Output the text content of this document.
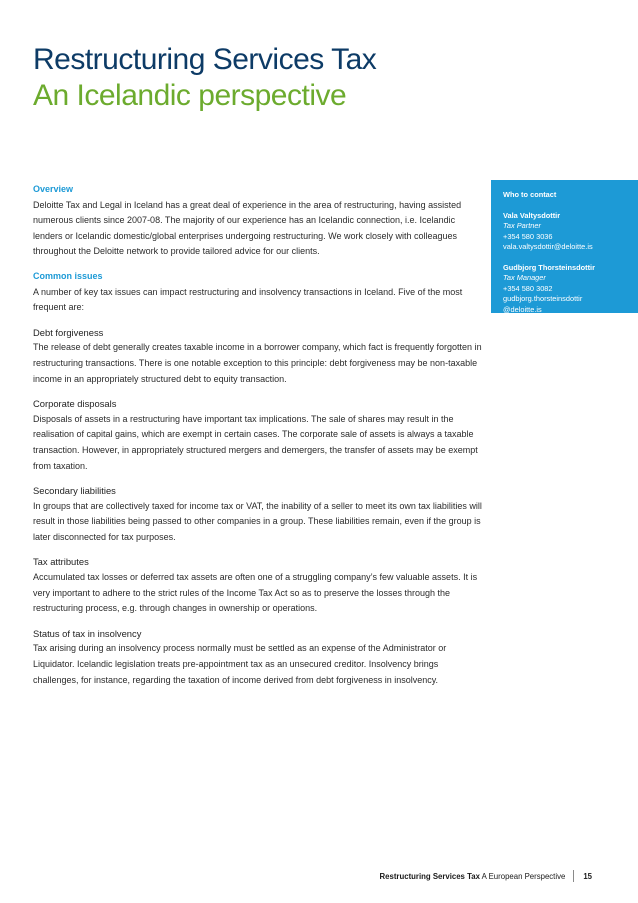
Restructuring Services Tax
An Icelandic perspective
Overview

Deloitte Tax and Legal in Iceland has a great deal of experience in the area of restructuring, having assisted numerous clients since 2007-08. The majority of our experience has an Icelandic connection, i.e. Icelandic lenders or Icelandic domestic/global enterprises undergoing restructuring. We work closely with colleagues throughout the Deloitte network to provide tailored advice for our clients.

Common issues

A number of key tax issues can impact restructuring and insolvency transactions in Iceland. Five of the most frequent are:

Debt forgiveness

The release of debt generally creates taxable income in a borrower company, which fact is frequently forgotten in restructuring transactions. There is one notable exception to this principle: debt forgiveness may be non-taxable income in an appropriately structured debt to equity transaction.

Corporate disposals

Disposals of assets in a restructuring have important tax implications. The sale of shares may result in the realisation of capital gains, which are exempt in certain cases. The corporate sale of assets is always a taxable transaction. However, in appropriately structured mergers and demergers, the transfer of assets may be exempt from taxation.

Secondary liabilities

In groups that are collectively taxed for income tax or VAT, the inability of a seller to meet its own tax liabilities will result in those liabilities being passed to other companies in a group. These liabilities remain, even if the group is later disconnected for tax purposes.

Tax attributes

Accumulated tax losses or deferred tax assets are often one of a struggling company’s few valuable assets. It is very important to adhere to the strict rules of the Income Tax Act so as to preserve the losses through the restructuring process, e.g. through changes in ownership or operations.

Status of tax in insolvency

Tax arising during an insolvency process normally must be settled as an expense of the Administrator or Liquidator. Icelandic legislation treats pre-appointment tax as an unsecured creditor. Insolvency brings challenges, for instance, regarding the taxation of income derived from debt forgiveness in insolvency.

Who to contact
Vala Valtysdottir
Tax Partner
+354 580 3036
vala.valtysdottir@deloitte.is
Gudbjorg Thorsteinsdottir
Tax Manager
+354 580 3082
gudbjorg.thorsteinsdottir
@deloitte.is
Restructuring Services Tax A European Perspective 15
